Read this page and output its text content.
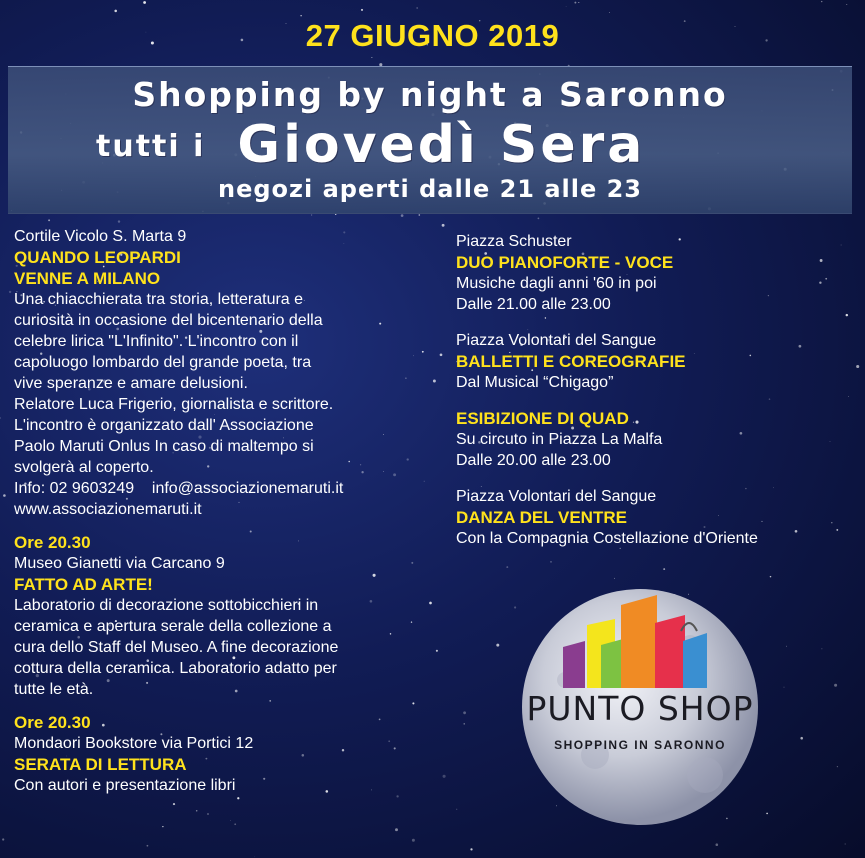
27 GIUGNO 2019
Shopping by night a Saronno
tutti i Giovedì Sera
negozi aperti dalle 21 alle 23

Cortile Vicolo S. Marta 9

QUANDO LEOPARDI

VENNE A MILANO

Una chiacchierata tra storia, letteratura e

curiosità in occasione del bicentenario della

celebre lirica "L'Infinito". L'incontro con il

capoluogo lombardo del grande poeta, tra

vive speranze e amare delusioni.

Relatore Luca Frigerio, giornalista e scrittore.

L'incontro è organizzato dall' Associazione

Paolo Maruti Onlus In caso di maltempo si

svolgerà al coperto.

Info: 02 9603249    info@associazionemaruti.it

www.associazionemaruti.it

Ore 20.30

Museo Gianetti via Carcano 9

FATTO AD ARTE!

Laboratorio di decorazione sottobicchieri in

ceramica e apertura serale della collezione a

cura dello Staff del Museo. A fine decorazione

cottura della ceramica. Laboratorio adatto per

tutte le età.

Ore 20.30

Mondaori Bookstore via Portici 12

SERATA DI LETTURA

Con autori e presentazione libri

Piazza Schuster

DUO PIANOFORTE - VOCE

Musiche dagli anni '60 in poi

Dalle 21.00 alle 23.00

Piazza Volontari del Sangue

BALLETTI E COREOGRAFIE

Dal Musical “Chigago”

ESIBIZIONE DI QUAD

Su circuto in Piazza La Malfa

Dalle 20.00 alle 23.00

Piazza Volontari del Sangue

DANZA DEL VENTRE

Con la Compagnia Costellazione d'Oriente

PUNTO SHOP
SHOPPING IN SARONNO
